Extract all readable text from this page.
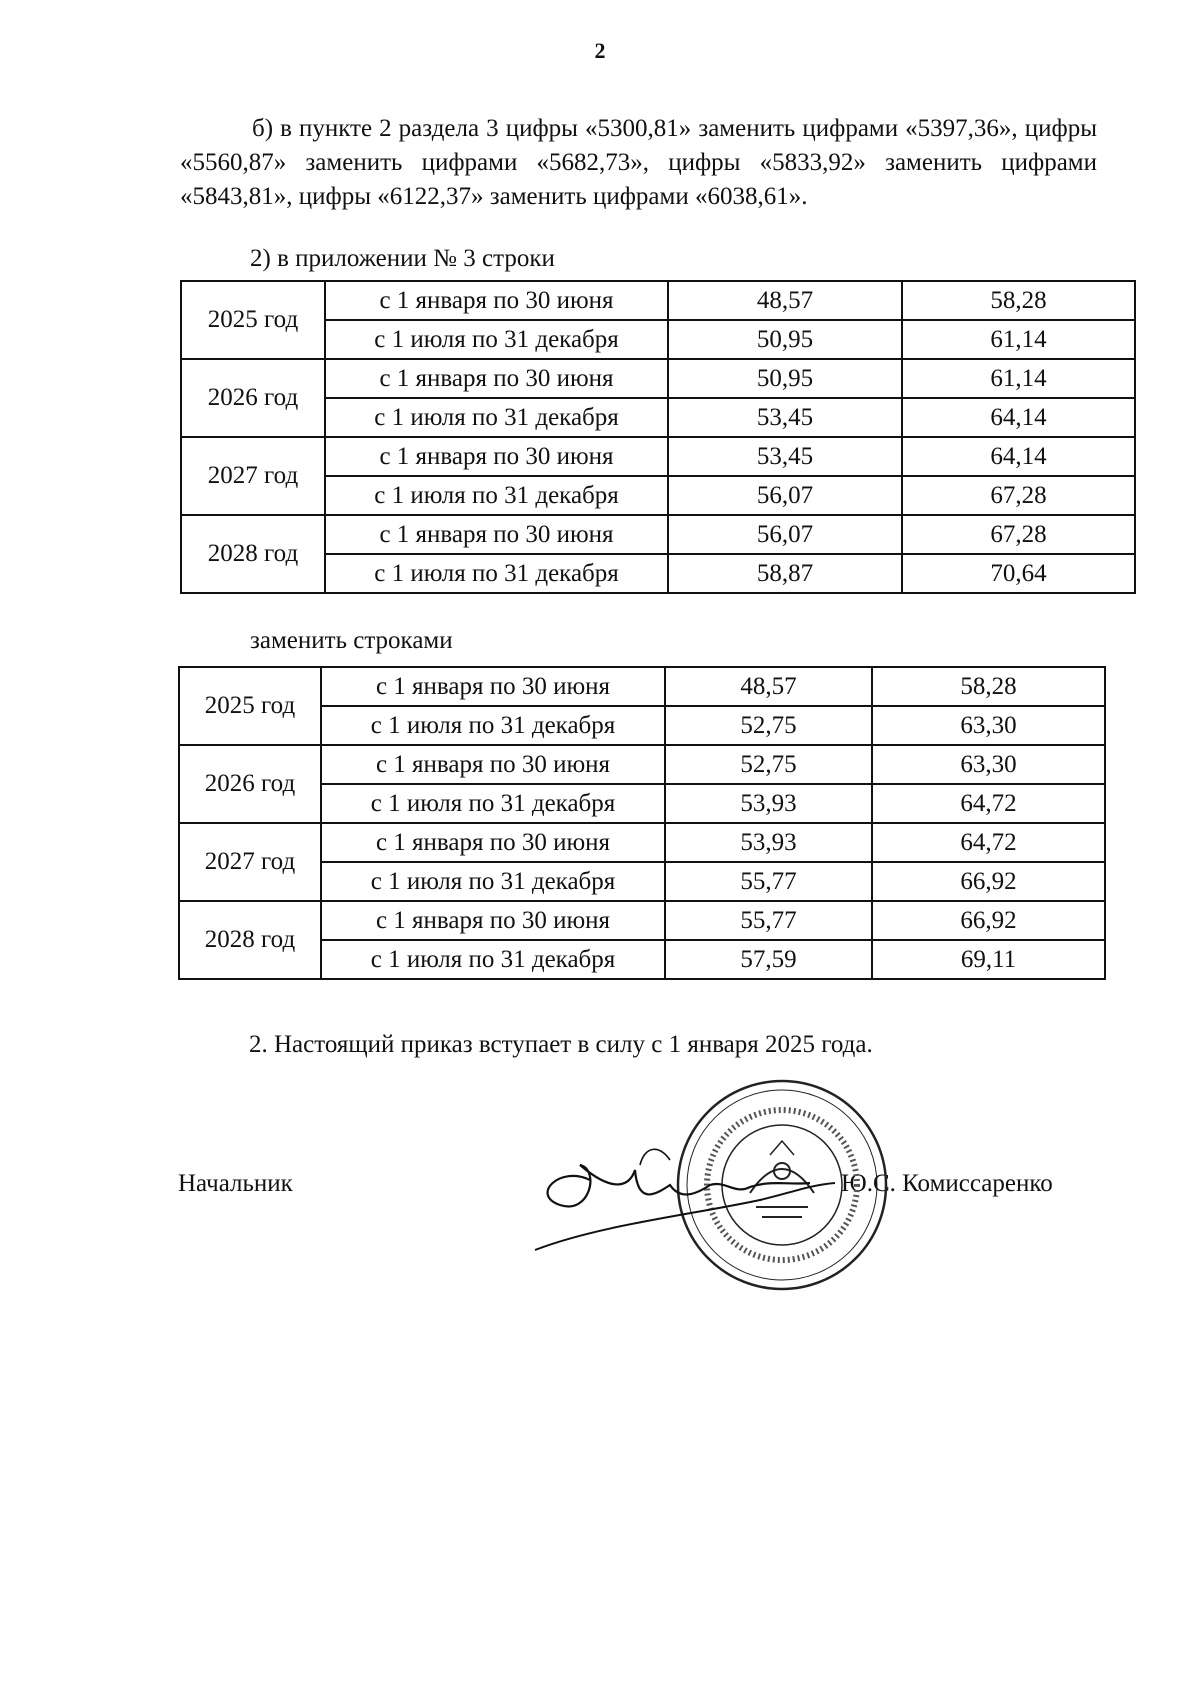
2
б) в пункте 2 раздела 3 цифры «5300,81» заменить цифрами «5397,36», цифры «5560,87» заменить цифрами «5682,73», цифры «5833,92» заменить цифрами «5843,81», цифры «6122,37» заменить цифрами «6038,61».
2) в приложении № 3 строки
2025 год	с 1 января по 30 июня	48,57	58,28
	с 1 июля по 31 декабря	50,95	61,14
2026 год	с 1 января по 30 июня	50,95	61,14
	с 1 июля по 31 декабря	53,45	64,14
2027 год	с 1 января по 30 июня	53,45	64,14
	с 1 июля по 31 декабря	56,07	67,28
2028 год	с 1 января по 30 июня	56,07	67,28
	с 1 июля по 31 декабря	58,87	70,64
заменить строками
2025 год	с 1 января по 30 июня	48,57	58,28
	с 1 июля по 31 декабря	52,75	63,30
2026 год	с 1 января по 30 июня	52,75	63,30
	с 1 июля по 31 декабря	53,93	64,72
2027 год	с 1 января по 30 июня	53,93	64,72
	с 1 июля по 31 декабря	55,77	66,92
2028 год	с 1 января по 30 июня	55,77	66,92
	с 1 июля по 31 декабря	57,59	69,11
2. Настоящий приказ вступает в силу с 1 января 2025 года.
Начальник	Ю.С. Комиссаренко
